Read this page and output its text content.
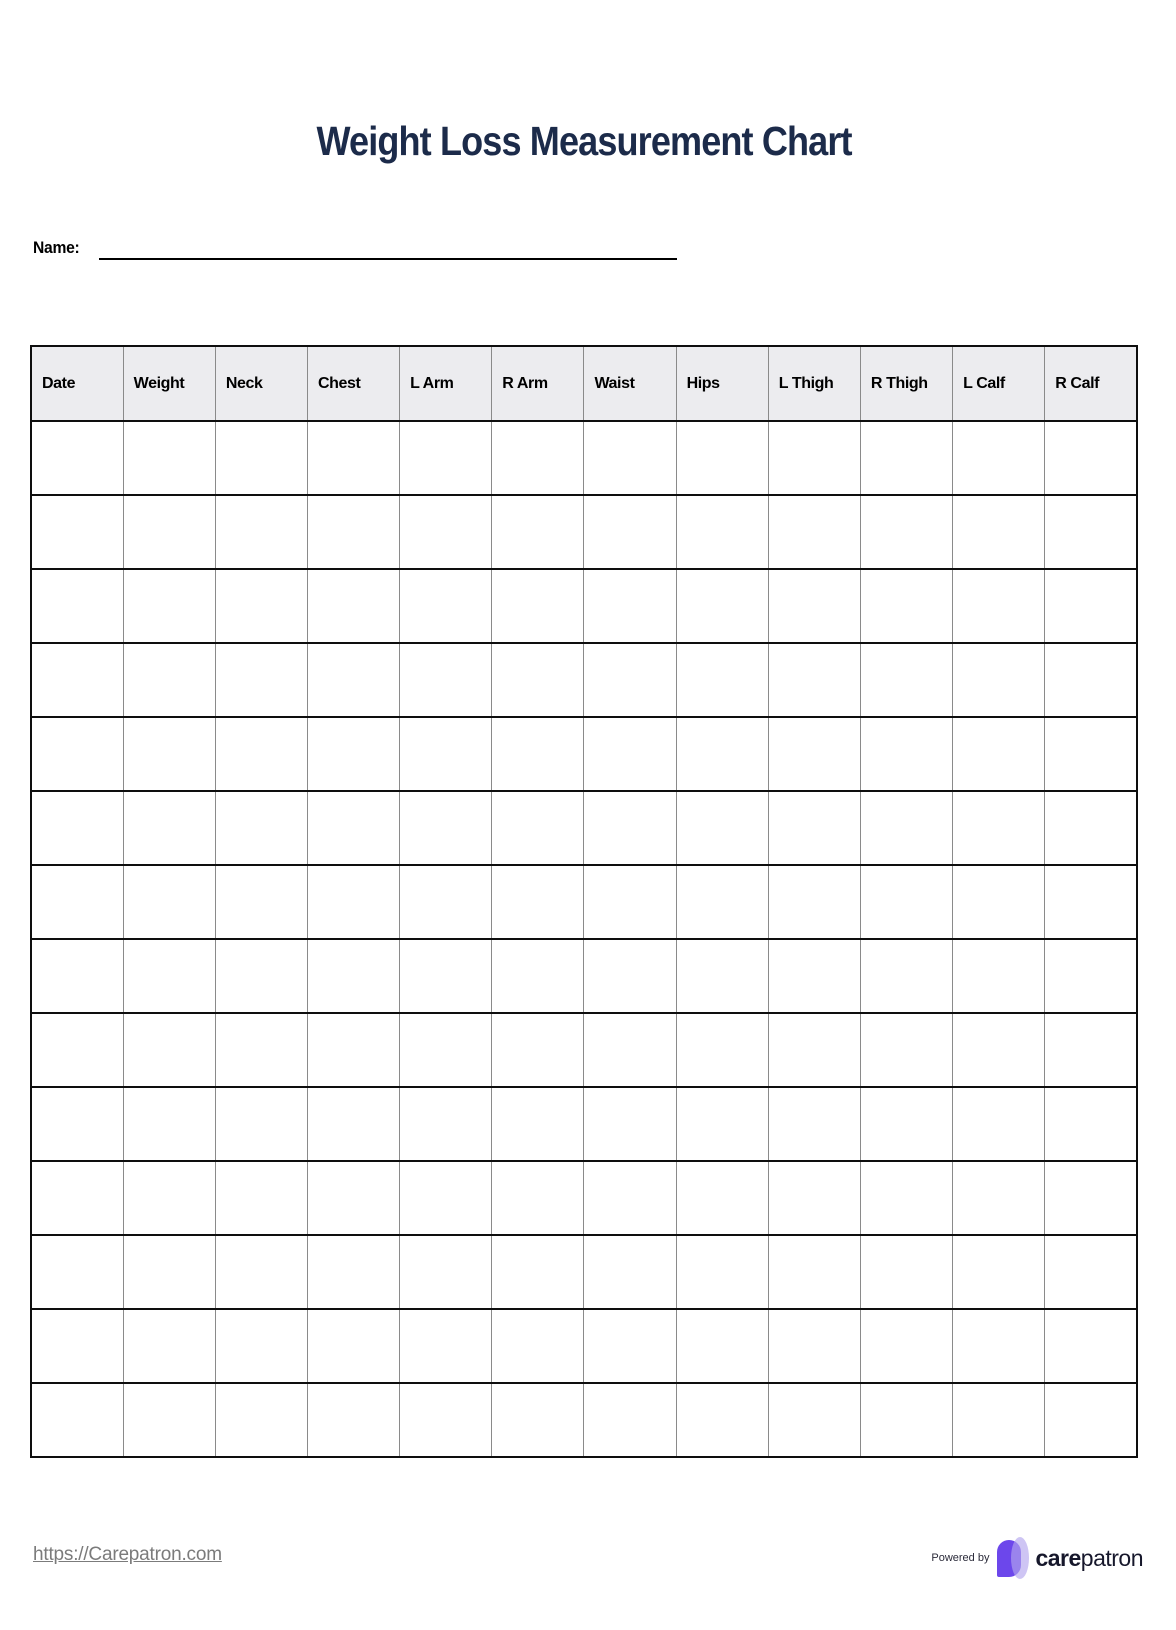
Weight Loss Measurement Chart
Name:
Date	Weight	Neck	Chest	L Arm	R Arm	Waist	Hips	L Thigh	R Thigh	L Calf	R Calf

https://Carepatron.com	Powered by carepatron
